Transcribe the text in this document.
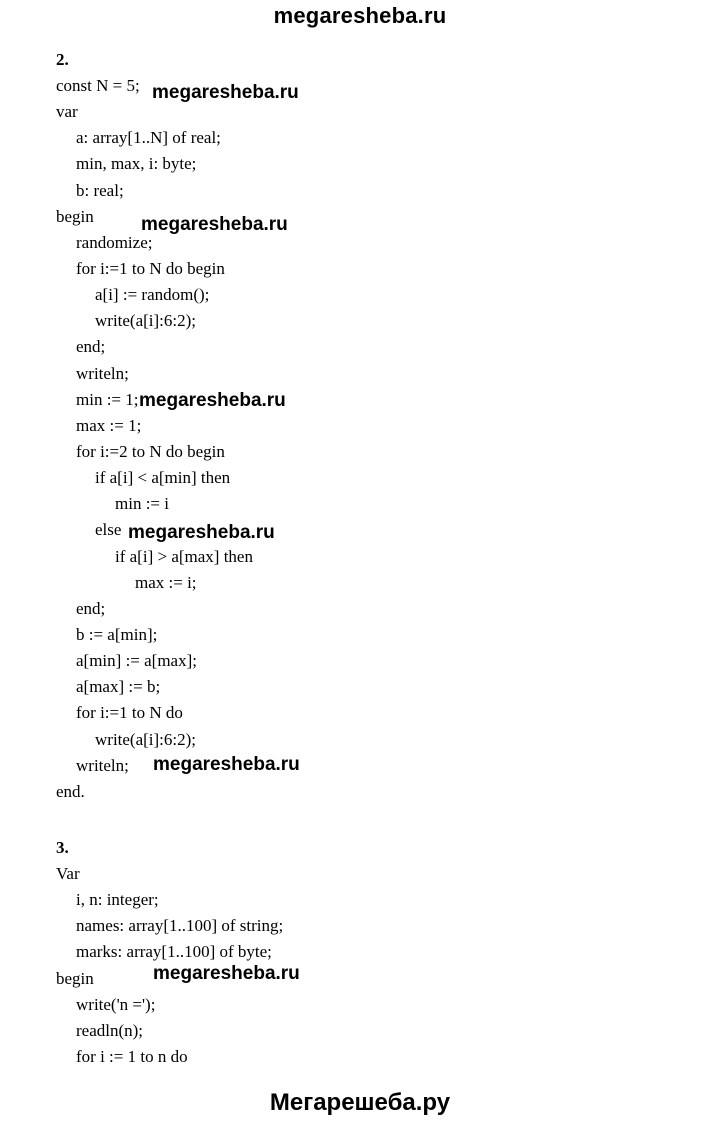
megaresheba.ru
2.
const N = 5;
var
a: array[1..N] of real;
min, max, i: byte;
b: real;
begin
randomize;
for i:=1 to N do begin
a[i] := random();
write(a[i]:6:2);
end;
writeln;
min := 1;
max := 1;
for i:=2 to N do begin
if a[i] < a[min] then
min := i
else
if a[i] > a[max] then
max := i;
end;
b := a[min];
a[min] := a[max];
a[max] := b;
for i:=1 to N do
write(a[i]:6:2);
writeln;
end.
3.
Var
i, n: integer;
names: array[1..100] of string;
marks: array[1..100] of byte;
begin
write('n =');
readln(n);
for i := 1 to n do
megaresheba.ru
megaresheba.ru
megaresheba.ru
megaresheba.ru
megaresheba.ru
megaresheba.ru
Мегарешеба.ру
